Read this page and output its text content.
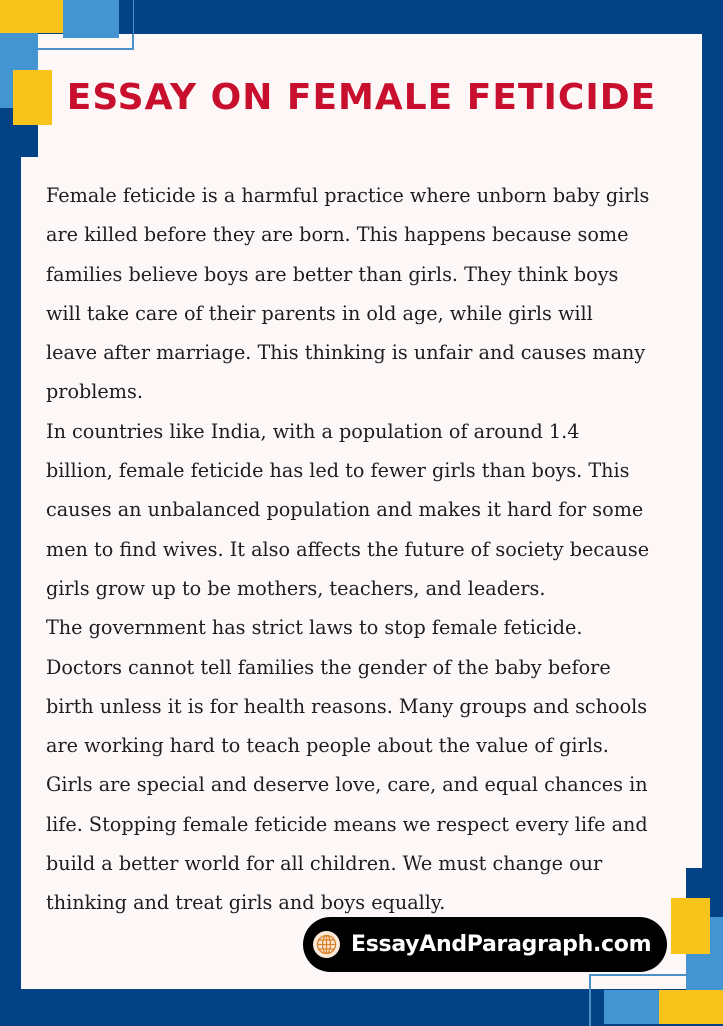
ESSAY ON FEMALE FETICIDE
Female feticide is a harmful practice where unborn baby girls
are killed before they are born. This happens because some
families believe boys are better than girls. They think boys
will take care of their parents in old age, while girls will
leave after marriage. This thinking is unfair and causes many
problems.
In countries like India, with a population of around 1.4
billion, female feticide has led to fewer girls than boys. This
causes an unbalanced population and makes it hard for some
men to find wives. It also affects the future of society because
girls grow up to be mothers, teachers, and leaders.
The government has strict laws to stop female feticide.
Doctors cannot tell families the gender of the baby before
birth unless it is for health reasons. Many groups and schools
are working hard to teach people about the value of girls.
Girls are special and deserve love, care, and equal chances in
life. Stopping female feticide means we respect every life and
build a better world for all children. We must change our
thinking and treat girls and boys equally.
EssayAndParagraph.com
